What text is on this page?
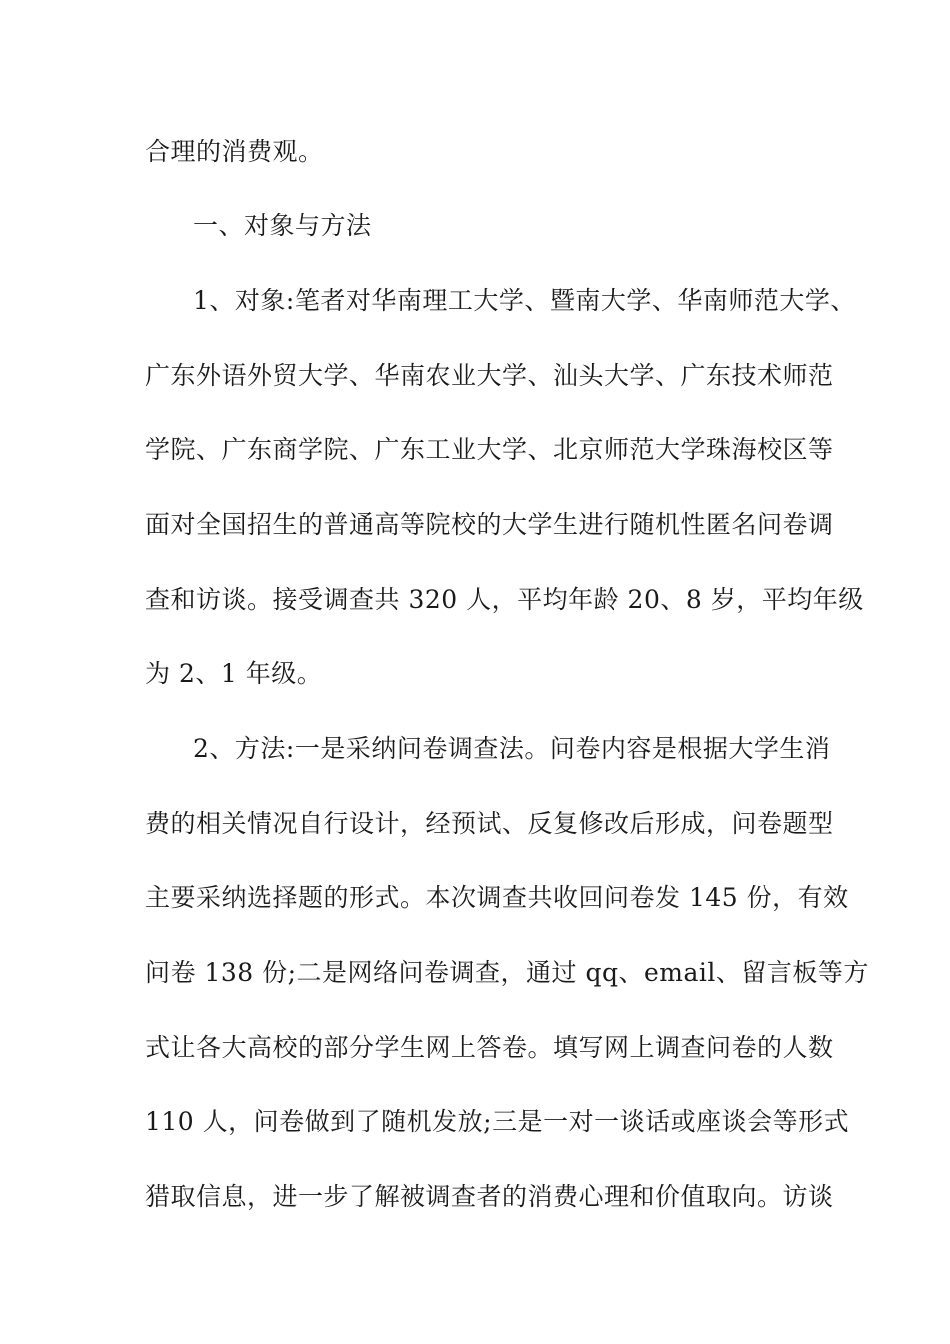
合理的消费观。
一、对象与方法
1、对象:笔者对华南理工大学、暨南大学、华南师范大学、
广东外语外贸大学、华南农业大学、汕头大学、广东技术师范
学院、广东商学院、广东工业大学、北京师范大学珠海校区等
面对全国招生的普通高等院校的大学生进行随机性匿名问卷调
查和访谈。接受调查共 320 人，平均年龄 20、8 岁，平均年级
为 2、1 年级。
2、方法:一是采纳问卷调查法。问卷内容是根据大学生消
费的相关情况自行设计，经预试、反复修改后形成，问卷题型
主要采纳选择题的形式。本次调查共收回问卷发 145 份，有效
问卷 138 份;二是网络问卷调查，通过 qq、email、留言板等方
式让各大高校的部分学生网上答卷。填写网上调查问卷的人数
110 人，问卷做到了随机发放;三是一对一谈话或座谈会等形式
猎取信息，进一步了解被调查者的消费心理和价值取向。访谈
